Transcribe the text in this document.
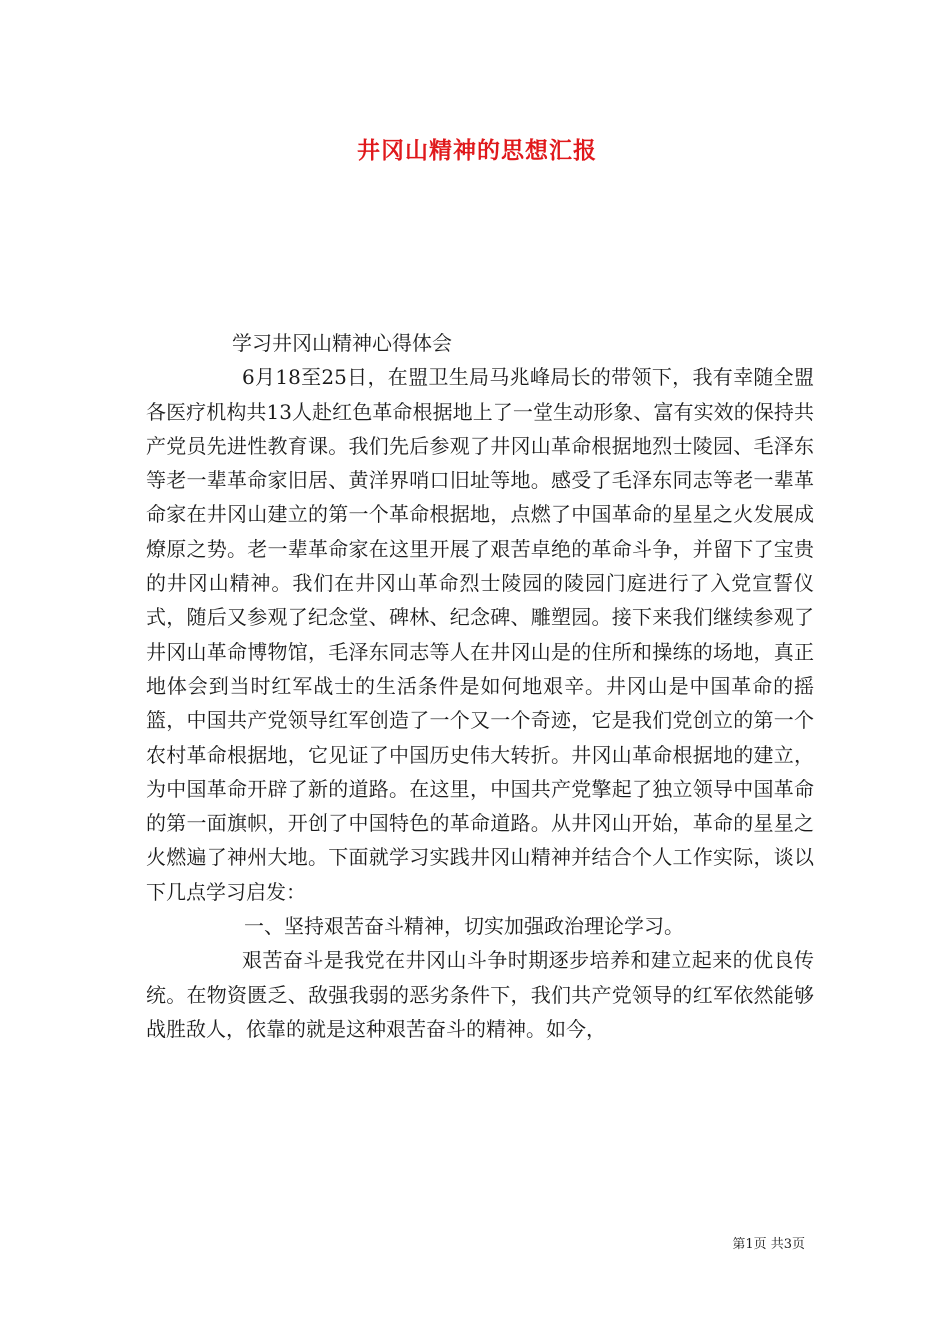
井冈山精神的思想汇报

学习井冈山精神心得体会

6月18至25日，在盟卫生局马兆峰局长的带领下，我有幸随全盟各医疗机构共13人赴红色革命根据地上了一堂生动形象、富有实效的保持共产党员先进性教育课。我们先后参观了井冈山革命根据地烈士陵园、毛泽东等老一辈革命家旧居、黄洋界哨口旧址等地。感受了毛泽东同志等老一辈革命家在井冈山建立的第一个革命根据地，点燃了中国革命的星星之火发展成燎原之势。老一辈革命家在这里开展了艰苦卓绝的革命斗争，并留下了宝贵的井冈山精神。我们在井冈山革命烈士陵园的陵园门庭进行了入党宣誓仪式，随后又参观了纪念堂、碑林、纪念碑、雕塑园。接下来我们继续参观了井冈山革命博物馆，毛泽东同志等人在井冈山是的住所和操练的场地，真正地体会到当时红军战士的生活条件是如何地艰辛。井冈山是中国革命的摇篮，中国共产党领导红军创造了一个又一个奇迹，它是我们党创立的第一个农村革命根据地，它见证了中国历史伟大转折。井冈山革命根据地的建立，为中国革命开辟了新的道路。在这里，中国共产党擎起了独立领导中国革命的第一面旗帜，开创了中国特色的革命道路。从井冈山开始，革命的星星之火燃遍了神州大地。下面就学习实践井冈山精神并结合个人工作实际，谈以下几点学习启发：

一、坚持艰苦奋斗精神，切实加强政治理论学习。

艰苦奋斗是我党在井冈山斗争时期逐步培养和建立起来的优良传统。在物资匮乏、敌强我弱的恶劣条件下，我们共产党领导的红军依然能够战胜敌人，依靠的就是这种艰苦奋斗的精神。如今，

第1页 共3页
